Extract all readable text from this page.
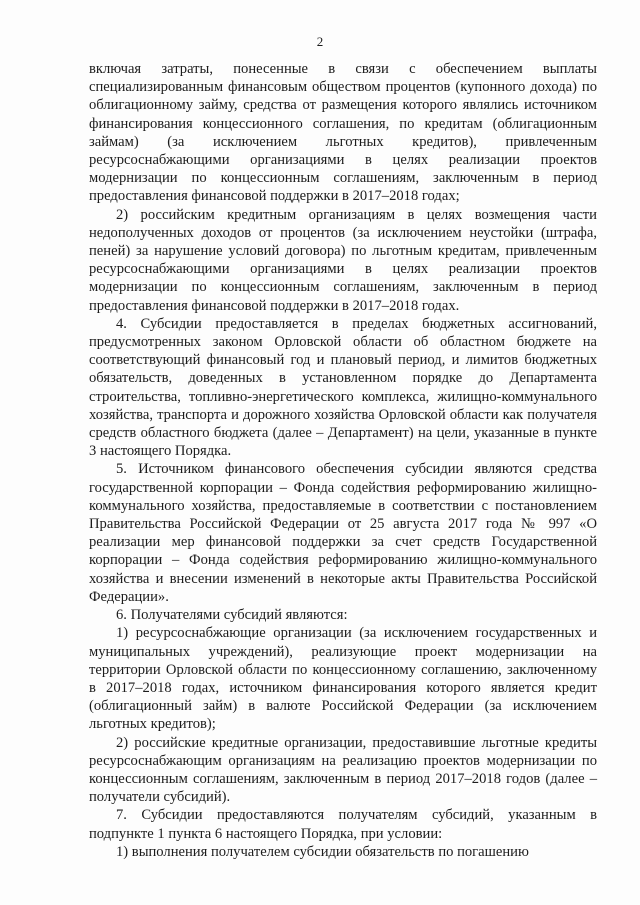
2

включая затраты, понесенные в связи с обеспечением выплаты специализированным финансовым обществом процентов (купонного дохода) по облигационному займу, средства от размещения которого являлись источником финансирования концессионного соглашения, по кредитам (облигационным займам) (за исключением льготных кредитов), привлеченным ресурсоснабжающими организациями в целях реализации проектов модернизации по концессионным соглашениям, заключенным в период предоставления финансовой поддержки в 2017–2018 годах;

2) российским кредитным организациям в целях возмещения части недополученных доходов от процентов (за исключением неустойки (штрафа, пеней) за нарушение условий договора) по льготным кредитам, привлеченным ресурсоснабжающими организациями в целях реализации проектов модернизации по концессионным соглашениям, заключенным в период предоставления финансовой поддержки в 2017–2018 годах.

4. Субсидии предоставляется в пределах бюджетных ассигнований, предусмотренных законом Орловской области об областном бюджете на соответствующий финансовый год и плановый период, и лимитов бюджетных обязательств, доведенных в установленном порядке до Департамента строительства, топливно-энергетического комплекса, жилищно-коммунального хозяйства, транспорта и дорожного хозяйства Орловской области как получателя средств областного бюджета (далее – Департамент) на цели, указанные в пункте 3 настоящего Порядка.

5. Источником финансового обеспечения субсидии являются средства государственной корпорации – Фонда содействия реформированию жилищно-коммунального хозяйства, предоставляемые в соответствии с постановлением Правительства Российской Федерации от 25 августа 2017 года № 997 «О реализации мер финансовой поддержки за счет средств Государственной корпорации – Фонда содействия реформированию жилищно-коммунального хозяйства и внесении изменений в некоторые акты Правительства Российской Федерации».

6. Получателями субсидий являются:

1) ресурсоснабжающие организации (за исключением государственных и муниципальных учреждений), реализующие проект модернизации на территории Орловской области по концессионному соглашению, заключенному в 2017–2018 годах, источником финансирования которого является кредит (облигационный займ) в валюте Российской Федерации (за исключением льготных кредитов);

2) российские кредитные организации, предоставившие льготные кредиты ресурсоснабжающим организациям на реализацию проектов модернизации по концессионным соглашениям, заключенным в период 2017–2018 годов (далее – получатели субсидий).

7. Субсидии предоставляются получателям субсидий, указанным в подпункте 1 пункта 6 настоящего Порядка, при условии:

1) выполнения получателем субсидии обязательств по погашению
